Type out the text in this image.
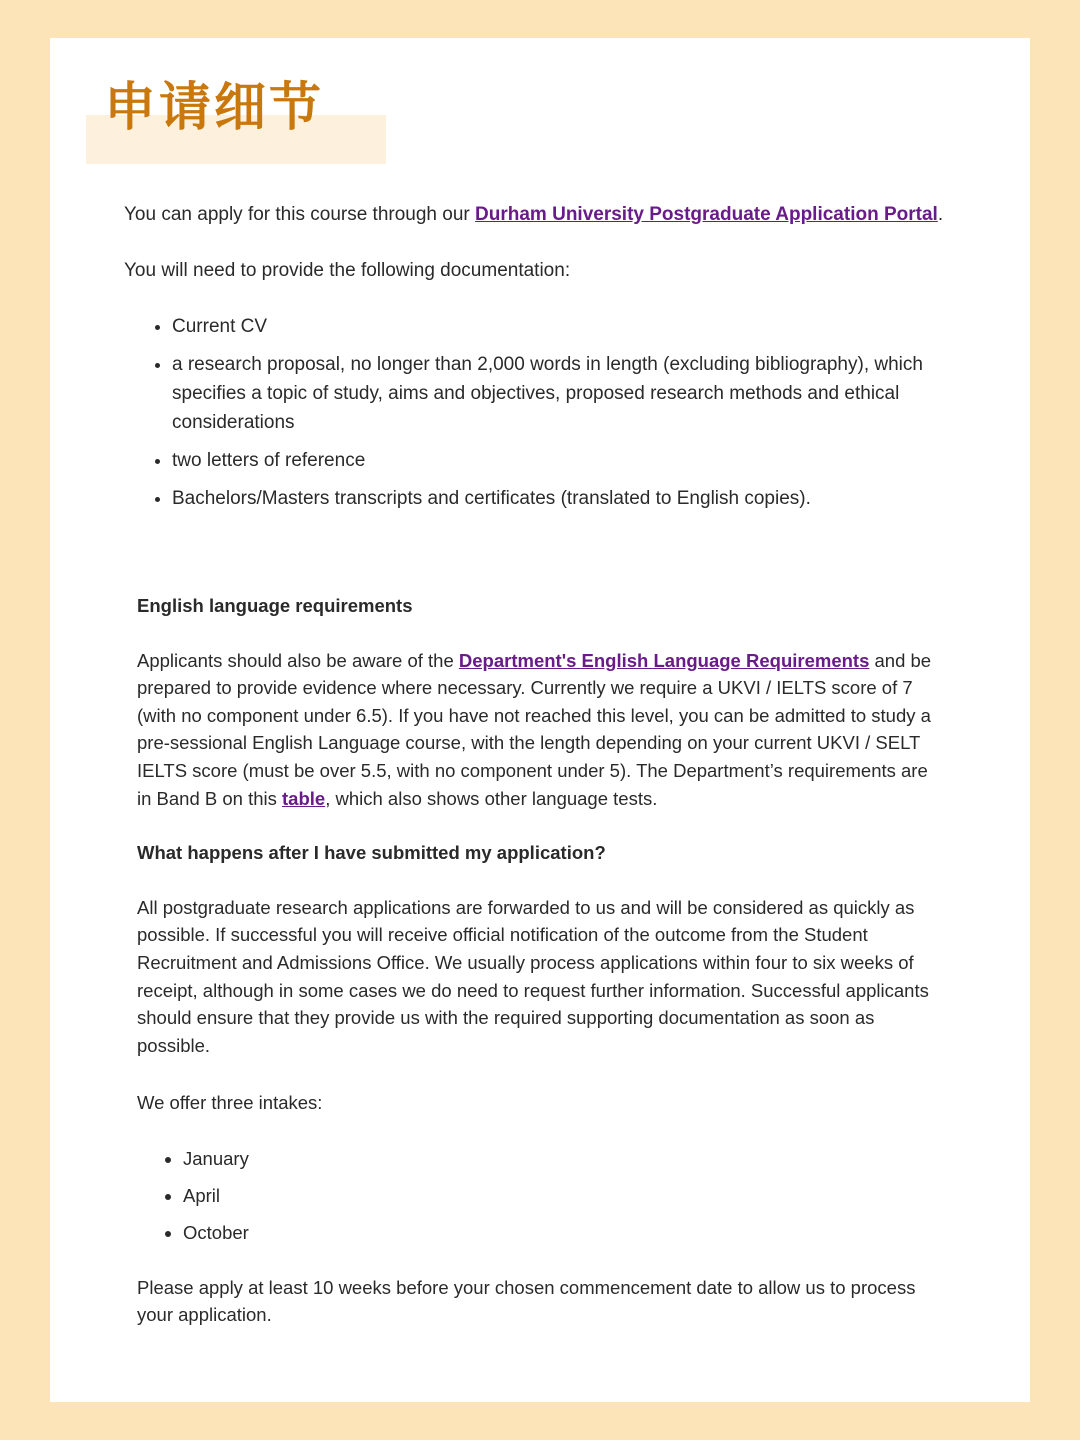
申请细节

You can apply for this course through our Durham University Postgraduate Application Portal.

You will need to provide the following documentation:

• Current CV
• a research proposal, no longer than 2,000 words in length (excluding bibliography), which specifies a topic of study, aims and objectives, proposed research methods and ethical considerations
• two letters of reference
• Bachelors/Masters transcripts and certificates (translated to English copies).

English language requirements

Applicants should also be aware of the Department's English Language Requirements and be prepared to provide evidence where necessary. Currently we require a UKVI / IELTS score of 7 (with no component under 6.5). If you have not reached this level, you can be admitted to study a pre-sessional English Language course, with the length depending on your current UKVI / SELT IELTS score (must be over 5.5, with no component under 5). The Department’s requirements are in Band B on this table, which also shows other language tests.

What happens after I have submitted my application?

All postgraduate research applications are forwarded to us and will be considered as quickly as possible. If successful you will receive official notification of the outcome from the Student Recruitment and Admissions Office. We usually process applications within four to six weeks of receipt, although in some cases we do need to request further information. Successful applicants should ensure that they provide us with the required supporting documentation as soon as possible.

We offer three intakes:

• January
• April
• October

Please apply at least 10 weeks before your chosen commencement date to allow us to process your application.
